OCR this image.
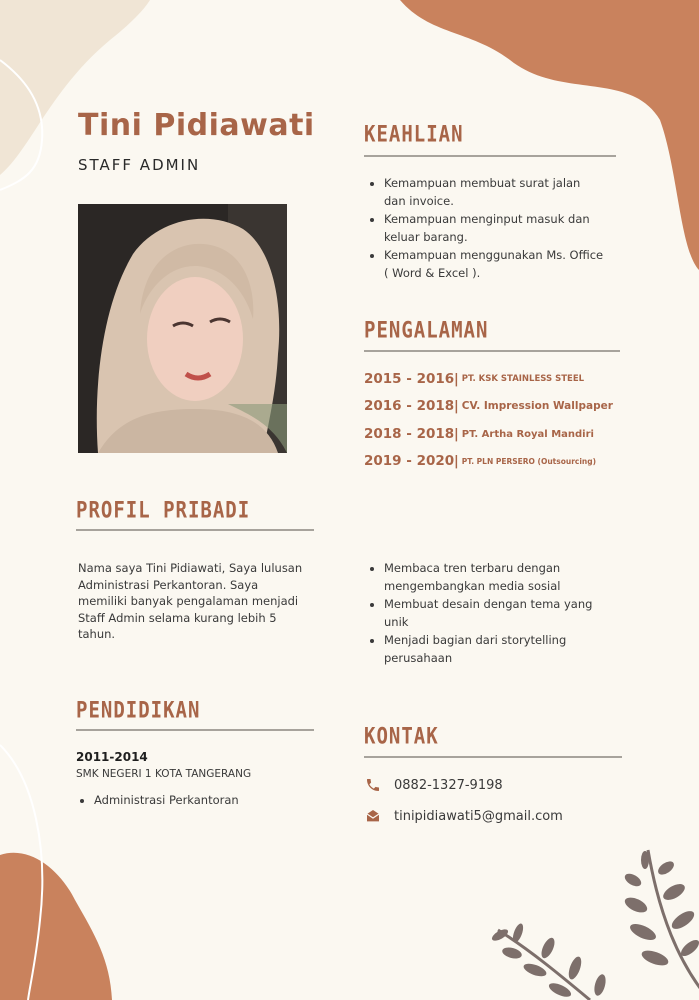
Tini Pidiawati
STAFF ADMIN
KEAHLIAN
• Kemampuan membuat surat jalan dan invoice.
• Kemampuan menginput masuk dan keluar barang.
• Kemampuan menggunakan Ms. Office ( Word & Excel ).
PENGALAMAN
2015 - 2016 | PT. KSK STAINLESS STEEL
2016 - 2018 | CV. Impression Wallpaper
2018 - 2018 | PT. Artha Royal Mandiri
2019 - 2020 | PT. PLN PERSERO (Outsourcing)
PROFIL PRIBADI
Nama saya Tini Pidiawati, Saya lulusan Administrasi Perkantoran. Saya memiliki banyak pengalaman menjadi Staff Admin selama kurang lebih 5 tahun.
• Membaca tren terbaru dengan mengembangkan media sosial
• Membuat desain dengan tema yang unik
• Menjadi bagian dari storytelling perusahaan
PENDIDIKAN
2011-2014
SMK NEGERI 1 KOTA TANGERANG
• Administrasi Perkantoran
KONTAK
0882-1327-9198
tinipidiawati5@gmail.com
